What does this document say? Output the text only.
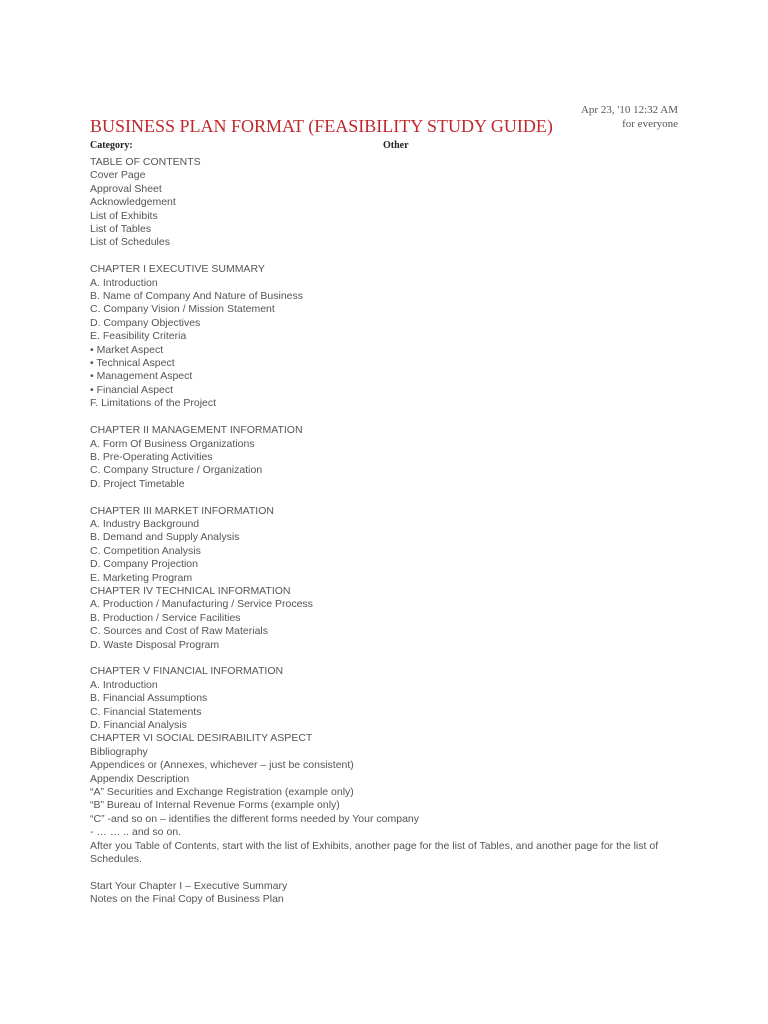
Apr 23, '10 12:32 AM
for everyone
BUSINESS PLAN FORMAT (FEASIBILITY STUDY GUIDE)
Category:	Other

TABLE OF CONTENTS

Cover Page

Approval Sheet

Acknowledgement

List of Exhibits

List of Tables

List of Schedules

CHAPTER I EXECUTIVE SUMMARY

A. Introduction

B. Name of Company And Nature of Business

C. Company Vision / Mission Statement

D. Company Objectives

E. Feasibility Criteria

• Market Aspect

• Technical Aspect

• Management Aspect

• Financial Aspect

F. Limitations of the Project

CHAPTER II MANAGEMENT INFORMATION

A. Form Of Business Organizations

B. Pre-Operating Activities

C. Company Structure / Organization

D. Project Timetable

CHAPTER III MARKET INFORMATION

A. Industry Background

B. Demand and Supply Analysis

C. Competition Analysis

D. Company Projection

E. Marketing Program

CHAPTER IV TECHNICAL INFORMATION

A. Production / Manufacturing / Service Process

B. Production / Service Facilities

C. Sources and Cost of Raw Materials

D. Waste Disposal Program

CHAPTER V FINANCIAL INFORMATION

A. Introduction

B. Financial Assumptions

C. Financial Statements

D. Financial Analysis

CHAPTER VI SOCIAL DESIRABILITY ASPECT

Bibliography

Appendices or (Annexes, whichever – just be consistent)

Appendix Description

“A” Securities and Exchange Registration (example only)

“B” Bureau of Internal Revenue Forms (example only)

“C” -and so on – identifies the different forms needed by Your company

- … … .. and so on.

After you Table of Contents, start with the list of Exhibits, another page for the list of Tables, and another page for the list of Schedules.

Start Your Chapter I – Executive Summary

Notes on the Final Copy of Business Plan
